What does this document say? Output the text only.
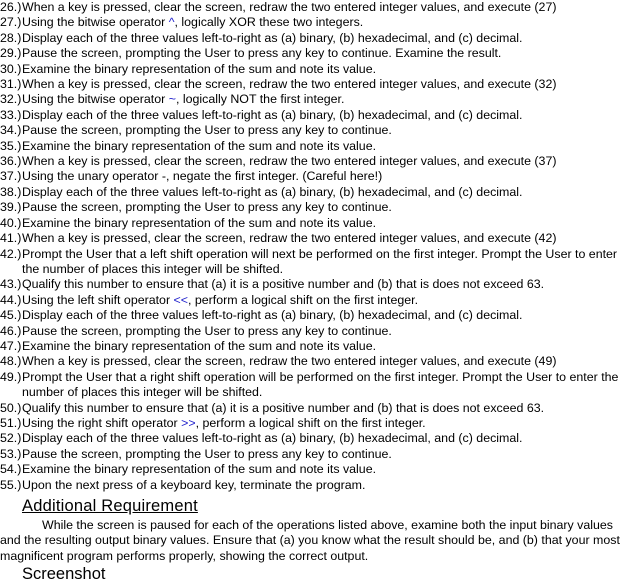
26.) When a key is pressed, clear the screen, redraw the two entered integer values, and execute (27)
27.) Using the bitwise operator ^, logically XOR these two integers.
28.) Display each of the three values left-to-right as (a) binary, (b) hexadecimal, and (c) decimal.
29.) Pause the screen, prompting the User to press any key to continue. Examine the result.
30.) Examine the binary representation of the sum and note its value.
31.) When a key is pressed, clear the screen, redraw the two entered integer values, and execute (32)
32.) Using the bitwise operator ~, logically NOT the first integer.
33.) Display each of the three values left-to-right as (a) binary, (b) hexadecimal, and (c) decimal.
34.) Pause the screen, prompting the User to press any key to continue.
35.) Examine the binary representation of the sum and note its value.
36.) When a key is pressed, clear the screen, redraw the two entered integer values, and execute (37)
37.) Using the unary operator -, negate the first integer. (Careful here!)
38.) Display each of the three values left-to-right as (a) binary, (b) hexadecimal, and (c) decimal.
39.) Pause the screen, prompting the User to press any key to continue.
40.) Examine the binary representation of the sum and note its value.
41.) When a key is pressed, clear the screen, redraw the two entered integer values, and execute (42)
42.) Prompt the User that a left shift operation will next be performed on the first integer. Prompt the User to enter the number of places this integer will be shifted.
43.) Qualify this number to ensure that (a) it is a positive number and (b) that is does not exceed 63.
44.) Using the left shift operator <<, perform a logical shift on the first integer.
45.) Display each of the three values left-to-right as (a) binary, (b) hexadecimal, and (c) decimal.
46.) Pause the screen, prompting the User to press any key to continue.
47.) Examine the binary representation of the sum and note its value.
48.) When a key is pressed, clear the screen, redraw the two entered integer values, and execute (49)
49.) Prompt the User that a right shift operation will be performed on the first integer. Prompt the User to enter the number of places this integer will be shifted.
50.) Qualify this number to ensure that (a) it is a positive number and (b) that is does not exceed 63.
51.) Using the right shift operator >>, perform a logical shift on the first integer.
52.) Display each of the three values left-to-right as (a) binary, (b) hexadecimal, and (c) decimal.
53.) Pause the screen, prompting the User to press any key to continue.
54.) Examine the binary representation of the sum and note its value.
55.) Upon the next press of a keyboard key, terminate the program.
Additional Requirement
While the screen is paused for each of the operations listed above, examine both the input binary values and the resulting output binary values. Ensure that (a) you know what the result should be, and (b) that your most magnificent program performs properly, showing the correct output.
Screenshot
